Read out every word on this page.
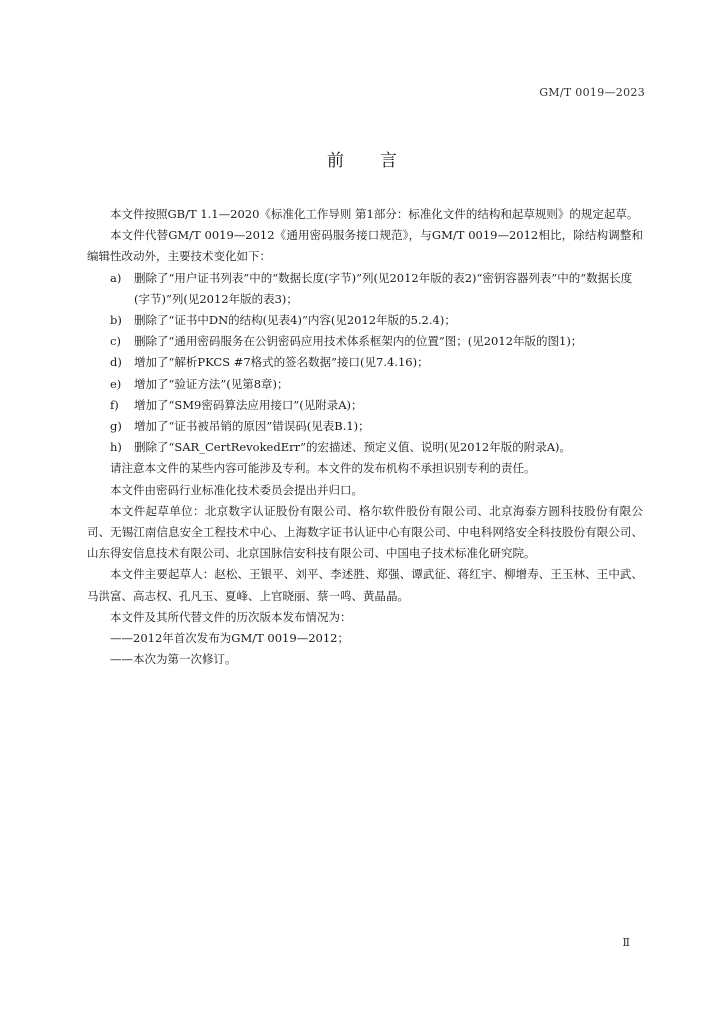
GM/T 0019—2023
前言

本文件按照GB/T 1.1—2020《标准化工作导则 第1部分：标准化文件的结构和起草规则》的规定起草。

本文件代替GM/T 0019—2012《通用密码服务接口规范》，与GM/T 0019—2012相比，除结构调整和编辑性改动外，主要技术变化如下：

a) 删除了“用户证书列表”中的“数据长度(字节)”列(见2012年版的表2)“密钥容器列表”中的“数据长度(字节)”列(见2012年版的表3)；
b) 删除了“证书中DN的结构(见表4)”内容(见2012年版的5.2.4)；
c) 删除了“通用密码服务在公钥密码应用技术体系框架内的位置”图；(见2012年版的图1)；
d) 增加了“解析PKCS #7格式的签名数据”接口(见7.4.16)；
e) 增加了“验证方法”(见第8章)；
f) 增加了“SM9密码算法应用接口”(见附录A)；
g) 增加了“证书被吊销的原因”错误码(见表B.1)；
h) 删除了“SAR_CertRevokedErr”的宏描述、预定义值、说明(见2012年版的附录A)。

请注意本文件的某些内容可能涉及专利。本文件的发布机构不承担识别专利的责任。

本文件由密码行业标准化技术委员会提出并归口。

本文件起草单位：北京数字认证股份有限公司、格尔软件股份有限公司、北京海泰方圆科技股份有限公司、无锡江南信息安全工程技术中心、上海数字证书认证中心有限公司、中电科网络安全科技股份有限公司、山东得安信息技术有限公司、北京国脉信安科技有限公司、中国电子技术标准化研究院。

本文件主要起草人：赵松、王银平、刘平、李述胜、郑强、谭武征、蒋红宇、柳增寿、王玉林、王中武、马洪富、高志权、孔凡玉、夏峰、上官晓丽、蔡一鸣、黄晶晶。

本文件及其所代替文件的历次版本发布情况为：

——2012年首次发布为GM/T 0019—2012；

——本次为第一次修订。

Ⅱ
